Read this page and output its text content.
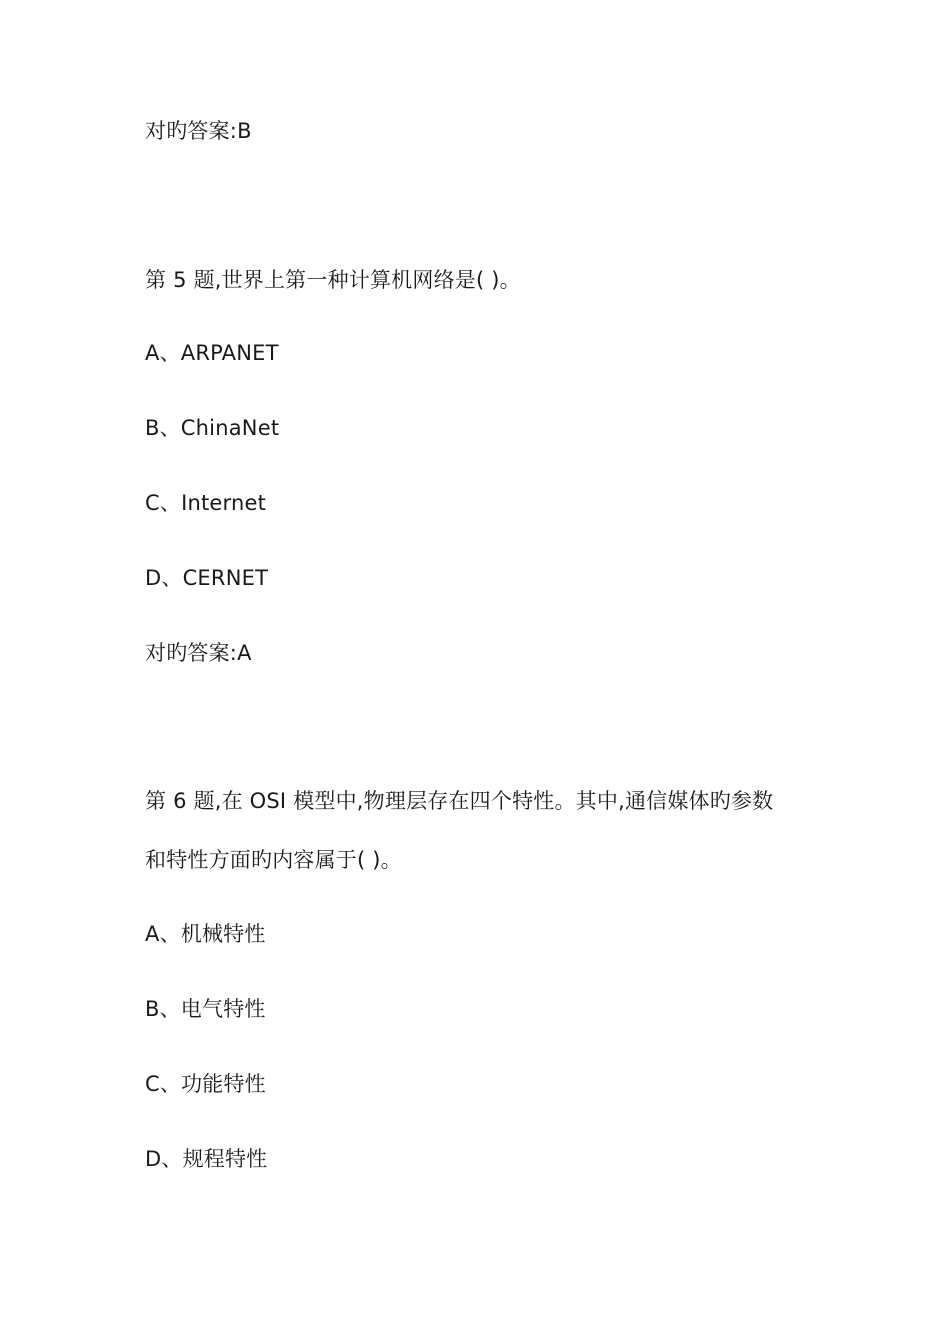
对旳答案:B
第 5 题,世界上第一种计算机网络是( )。
A、ARPANET
B、ChinaNet
C、Internet
D、CERNET
对旳答案:A
第 6 题,在 OSI 模型中,物理层存在四个特性。其中,通信媒体旳参数
和特性方面旳内容属于( )。
A、机械特性
B、电气特性
C、功能特性
D、规程特性
